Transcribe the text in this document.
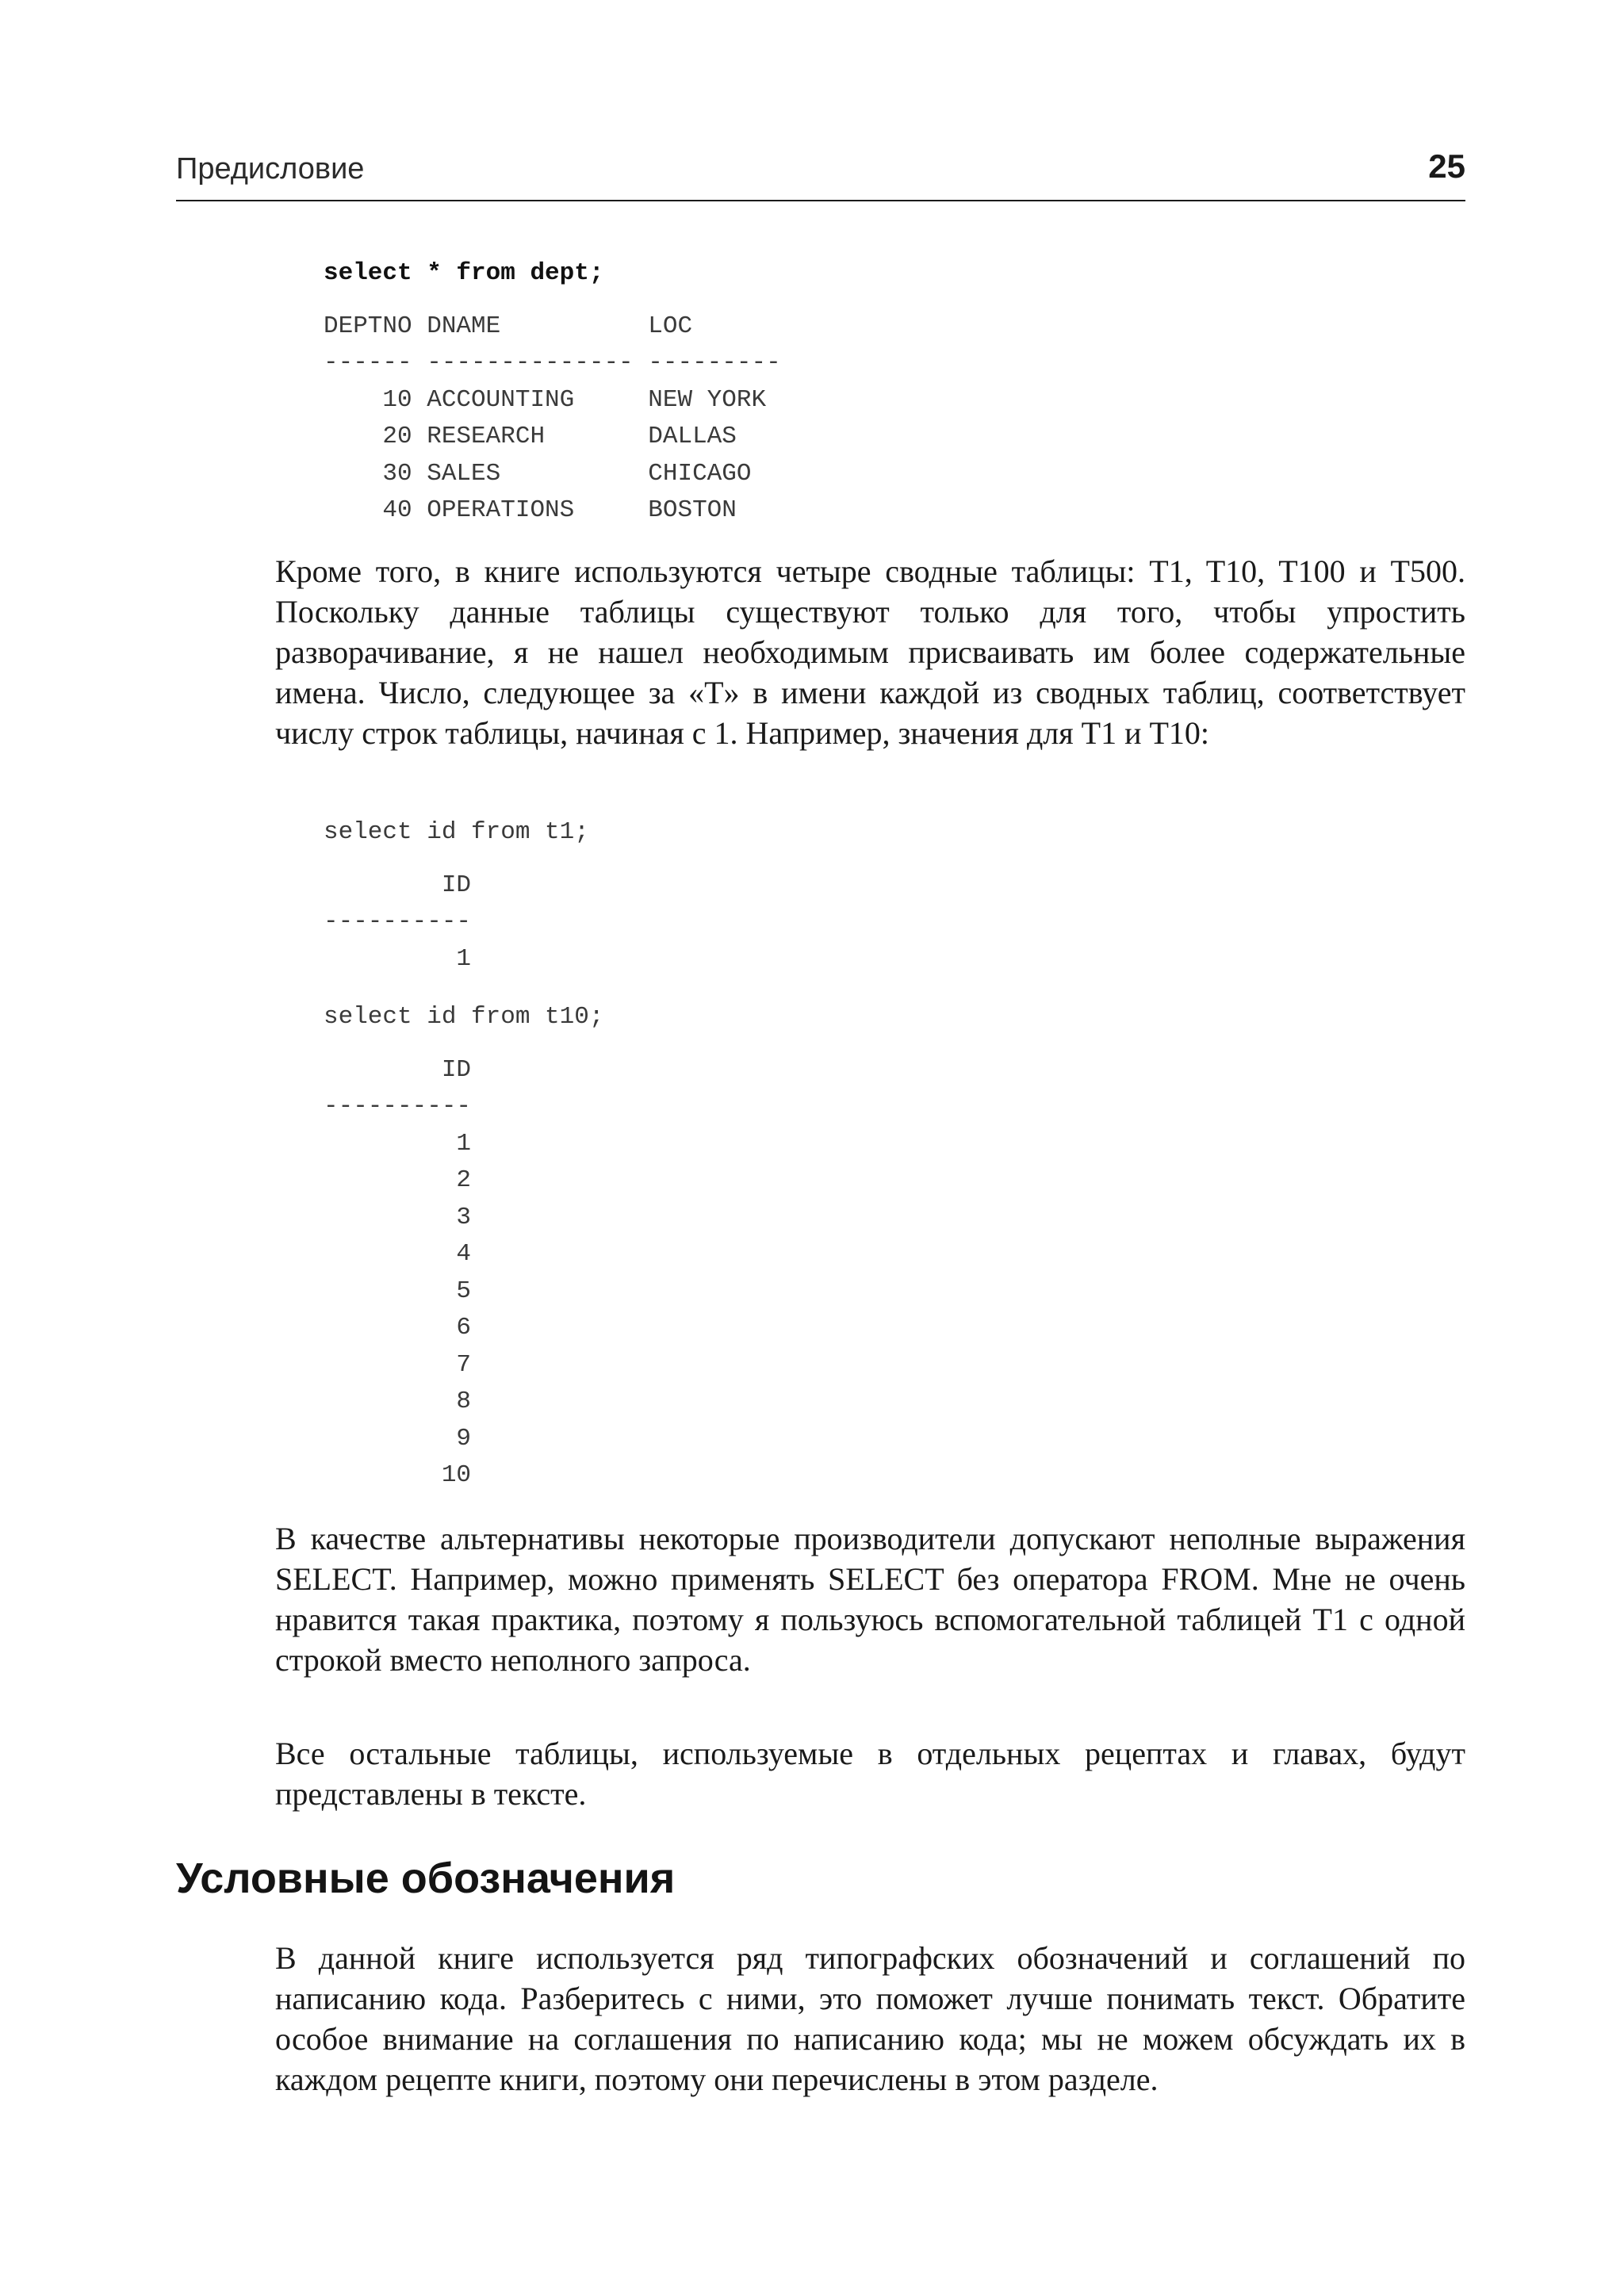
Предисловие	25
select * from dept;
DEPTNO DNAME          LOC
------ -------------- ---------
10 ACCOUNTING     NEW YORK
20 RESEARCH       DALLAS
30 SALES          CHICAGO
40 OPERATIONS     BOSTON

Кроме того, в книге используются четыре сводные таблицы: T1, T10, T100 и T500. Поскольку данные таблицы существуют только для того, чтобы упростить разворачивание, я не нашел необходимым присваивать им более содержательные имена. Число, следующее за «T» в имени каждой из сводных таблиц, соответствует числу строк таблицы, начиная с 1. Например, значения для T1 и T10:

select id from t1;
ID
----------
1
select id from t10;
ID
----------
1
2
3
4
5
6
7
8
9
10

В качестве альтернативы некоторые производители допускают неполные выражения SELECT. Например, можно применять SELECT без оператора FROM. Мне не очень нравится такая практика, поэтому я пользуюсь вспомогательной таблицей T1 с одной строкой вместо неполного запроса.

Все остальные таблицы, используемые в отдельных рецептах и главах, будут представлены в тексте.

Условные обозначения

В данной книге используется ряд типографских обозначений и соглашений по написанию кода. Разберитесь с ними, это поможет лучше понимать текст. Обратите особое внимание на соглашения по написанию кода; мы не можем обсуждать их в каждом рецепте книги, поэтому они перечислены в этом разделе.
